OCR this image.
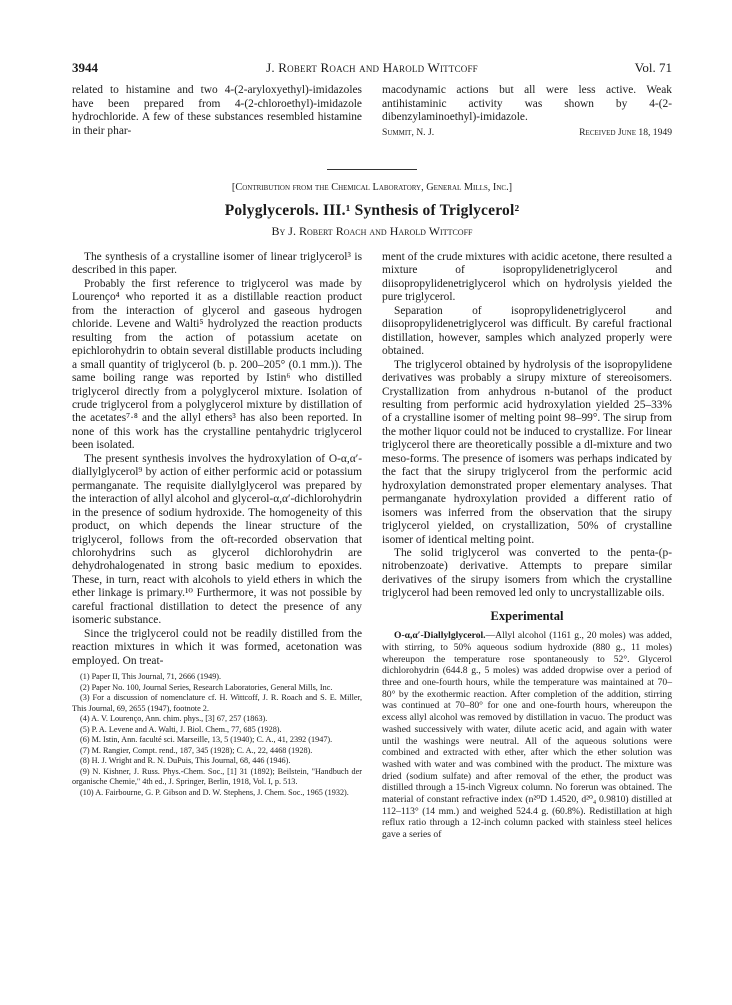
3944	J. Robert Roach and Harold Wittcoff	Vol. 71

related to histamine and two 4-(2-aryloxyethyl)-imidazoles have been prepared from 4-(2-chloroethyl)-imidazole hydrochloride. A few of these substances resembled histamine in their phar-

macodynamic actions but all were less active. Weak antihistaminic activity was shown by 4-(2-dibenzylaminoethyl)-imidazole.

Summit, N. J.	Received June 18, 1949

[Contribution from the Chemical Laboratory, General Mills, Inc.]

Polyglycerols. III.¹ Synthesis of Triglycerol²

By J. Robert Roach and Harold Wittcoff

The synthesis of a crystalline isomer of linear triglycerol³ is described in this paper.

Probably the first reference to triglycerol was made by Lourenço⁴ who reported it as a distillable reaction product from the interaction of glycerol and gaseous hydrogen chloride. Levene and Walti⁵ hydrolyzed the reaction products resulting from the action of potassium acetate on epichlorohydrin to obtain several distillable products including a small quantity of triglycerol (b. p. 200–205° (0.1 mm.)). The same boiling range was reported by Istin⁶ who distilled triglycerol directly from a polyglycerol mixture. Isolation of crude triglycerol from a polyglycerol mixture by distillation of the acetates⁷·⁸ and the allyl ethers³ has also been reported. In none of this work has the crystalline pentahydric triglycerol been isolated.

The present synthesis involves the hydroxylation of O-α,α′-diallylglycerol⁹ by action of either performic acid or potassium permanganate. The requisite diallylglycerol was prepared by the interaction of allyl alcohol and glycerol-α,α′-dichlorohydrin in the presence of sodium hydroxide. The homogeneity of this product, on which depends the linear structure of the triglycerol, follows from the oft-recorded observation that chlorohydrins such as glycerol dichlorohydrin are dehydrohalogenated in strong basic medium to epoxides. These, in turn, react with alcohols to yield ethers in which the ether linkage is primary.¹⁰ Furthermore, it was not possible by careful fractional distillation to detect the presence of any isomeric substance.

Since the triglycerol could not be readily distilled from the reaction mixtures in which it was formed, acetonation was employed. On treat-

(1) Paper II, This Journal, 71, 2666 (1949).

(2) Paper No. 100, Journal Series, Research Laboratories, General Mills, Inc.

(3) For a discussion of nomenclature cf. H. Wittcoff, J. R. Roach and S. E. Miller, This Journal, 69, 2655 (1947), footnote 2.

(4) A. V. Lourenço, Ann. chim. phys., [3] 67, 257 (1863).

(5) P. A. Levene and A. Walti, J. Biol. Chem., 77, 685 (1928).

(6) M. Istin, Ann. faculté sci. Marseille, 13, 5 (1940); C. A., 41, 2392 (1947).

(7) M. Rangier, Compt. rend., 187, 345 (1928); C. A., 22, 4468 (1928).

(8) H. J. Wright and R. N. DuPuis, This Journal, 68, 446 (1946).

(9) N. Kishner, J. Russ. Phys.-Chem. Soc., [1] 31 (1892); Beilstein, "Handbuch der organische Chemie," 4th ed., J. Springer, Berlin, 1918, Vol. I, p. 513.

(10) A. Fairbourne, G. P. Gibson and D. W. Stephens, J. Chem. Soc., 1965 (1932).

ment of the crude mixtures with acidic acetone, there resulted a mixture of isopropylidenetriglycerol and diisopropylidenetriglycerol which on hydrolysis yielded the pure triglycerol.

Separation of isopropylidenetriglycerol and diisopropylidenetriglycerol was difficult. By careful fractional distillation, however, samples which analyzed properly were obtained.

The triglycerol obtained by hydrolysis of the isopropylidene derivatives was probably a sirupy mixture of stereoisomers. Crystallization from anhydrous n-butanol of the product resulting from performic acid hydroxylation yielded 25–33% of a crystalline isomer of melting point 98–99°. The sirup from the mother liquor could not be induced to crystallize. For linear triglycerol there are theoretically possible a dl-mixture and two meso-forms. The presence of isomers was perhaps indicated by the fact that the sirupy triglycerol from the performic acid hydroxylation demonstrated proper elementary analyses. That permanganate hydroxylation provided a different ratio of isomers was inferred from the observation that the sirupy triglycerol yielded, on crystallization, 50% of crystalline isomer of identical melting point.

The solid triglycerol was converted to the penta-(p-nitrobenzoate) derivative. Attempts to prepare similar derivatives of the sirupy isomers from which the crystalline triglycerol had been removed led only to uncrystallizable oils.

Experimental

O-α,α′-Diallylglycerol.—Allyl alcohol (1161 g., 20 moles) was added, with stirring, to 50% aqueous sodium hydroxide (880 g., 11 moles) whereupon the temperature rose spontaneously to 52°. Glycerol dichlorohydrin (644.8 g., 5 moles) was added dropwise over a period of three and one-fourth hours, while the temperature was maintained at 70–80° by the exothermic reaction. After completion of the addition, stirring was continued at 70–80° for one and one-fourth hours, whereupon the excess allyl alcohol was removed by distillation in vacuo. The product was washed successively with water, dilute acetic acid, and again with water until the washings were neutral. All of the aqueous solutions were combined and extracted with ether, after which the ether solution was washed with water and was combined with the product. The mixture was dried (sodium sulfate) and after removal of the ether, the product was distilled through a 15-inch Vigreux column. No forerun was obtained. The material of constant refractive index (n²⁰D 1.4520, d²⁰₄ 0.9810) distilled at 112–113° (14 mm.) and weighed 524.4 g. (60.8%). Redistillation at high reflux ratio through a 12-inch column packed with stainless steel helices gave a series of
